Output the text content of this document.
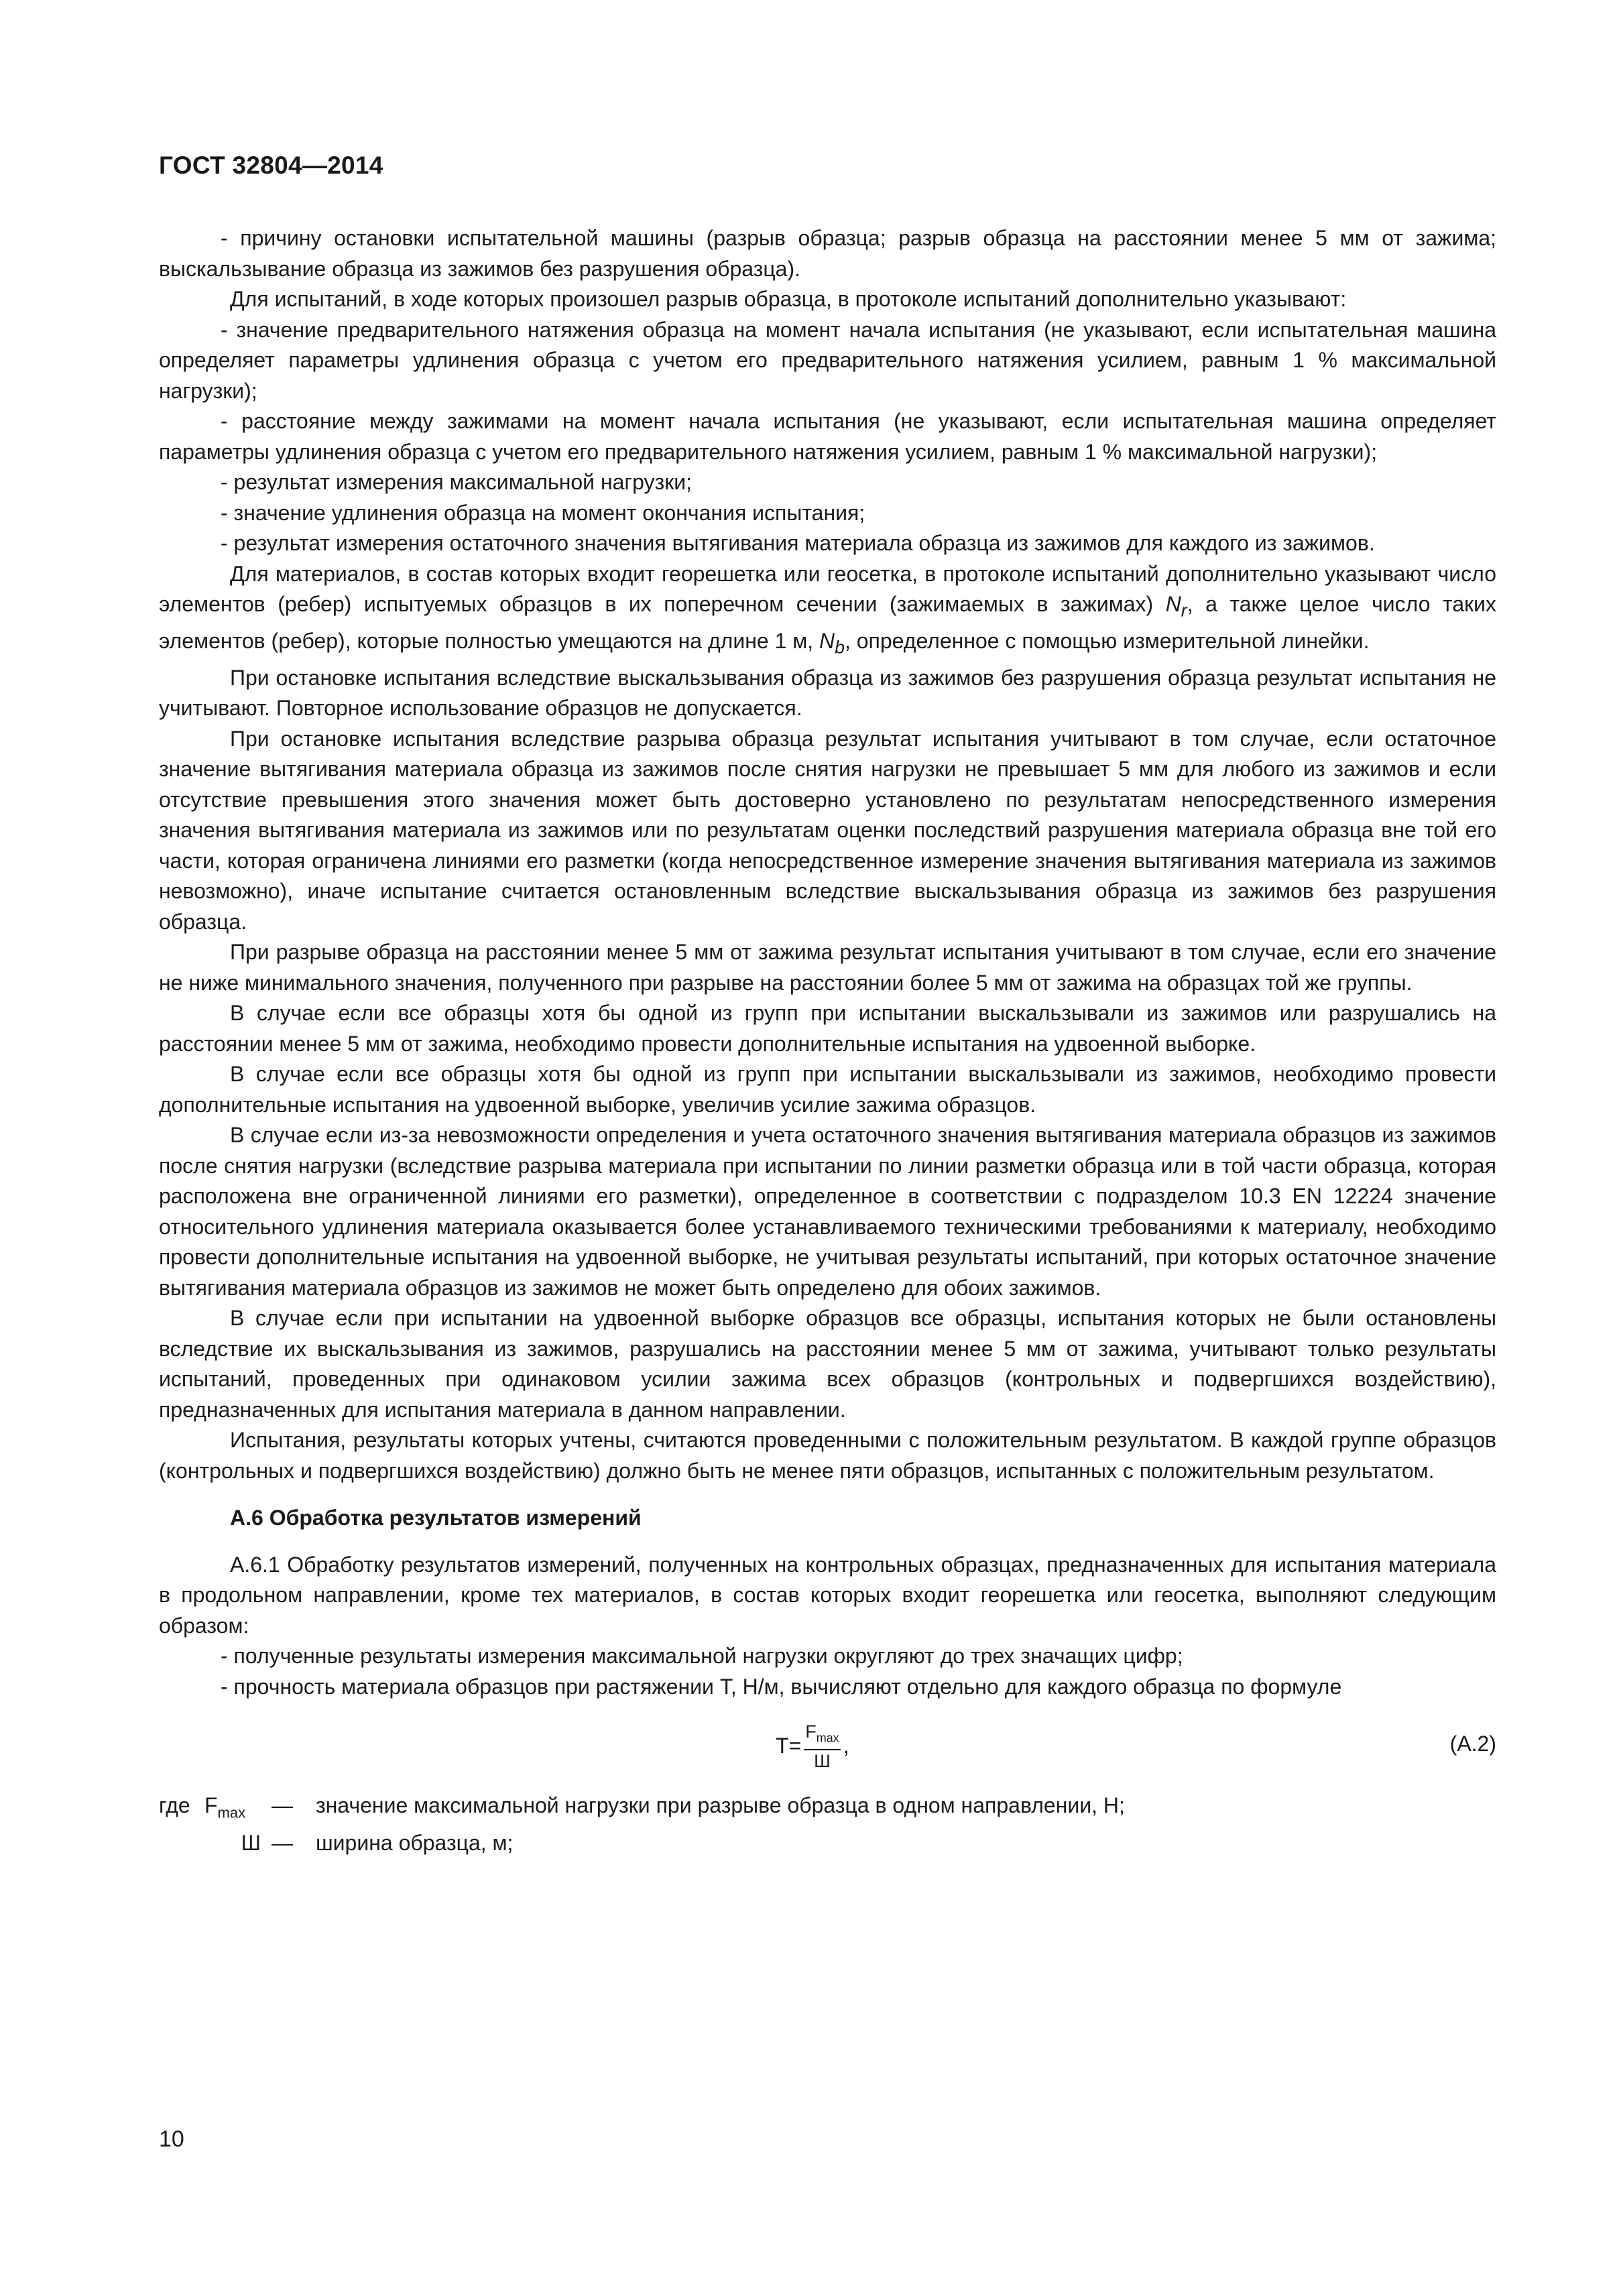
ГОСТ 32804—2014

- причину остановки испытательной машины (разрыв образца; разрыв образца на расстоянии менее 5 мм от зажима; выскальзывание образца из зажимов без разрушения образца).

Для испытаний, в ходе которых произошел разрыв образца, в протоколе испытаний дополнительно указывают:

- значение предварительного натяжения образца на момент начала испытания (не указывают, если испытательная машина определяет параметры удлинения образца с учетом его предварительного натяжения усилием, равным 1 % максимальной нагрузки);

- расстояние между зажимами на момент начала испытания (не указывают, если испытательная машина определяет параметры удлинения образца с учетом его предварительного натяжения усилием, равным 1 % максимальной нагрузки);

- результат измерения максимальной нагрузки;

- значение удлинения образца на момент окончания испытания;

- результат измерения остаточного значения вытягивания материала образца из зажимов для каждого из зажимов.

Для материалов, в состав которых входит георешетка или геосетка, в протоколе испытаний дополнительно указывают число элементов (ребер) испытуемых образцов в их поперечном сечении (зажимаемых в зажимах) $N_r$, а также целое число таких элементов (ребер), которые полностью умещаются на длине 1 м, $N_b$, определенное с помощью измерительной линейки.

При остановке испытания вследствие выскальзывания образца из зажимов без разрушения образца результат испытания не учитывают. Повторное использование образцов не допускается.

При остановке испытания вследствие разрыва образца результат испытания учитывают в том случае, если остаточное значение вытягивания материала образца из зажимов после снятия нагрузки не превышает 5 мм для любого из зажимов и если отсутствие превышения этого значения может быть достоверно установлено по результатам непосредственного измерения значения вытягивания материала из зажимов или по результатам оценки последствий разрушения материала образца вне той его части, которая ограничена линиями его разметки (когда непосредственное измерение значения вытягивания материала из зажимов невозможно), иначе испытание считается остановленным вследствие выскальзывания образца из зажимов без разрушения образца.

При разрыве образца на расстоянии менее 5 мм от зажима результат испытания учитывают в том случае, если его значение не ниже минимального значения, полученного при разрыве на расстоянии более 5 мм от зажима на образцах той же группы.

В случае если все образцы хотя бы одной из групп при испытании выскальзывали из зажимов или разрушались на расстоянии менее 5 мм от зажима, необходимо провести дополнительные испытания на удвоенной выборке.

В случае если все образцы хотя бы одной из групп при испытании выскальзывали из зажимов, необходимо провести дополнительные испытания на удвоенной выборке, увеличив усилие зажима образцов.

В случае если из-за невозможности определения и учета остаточного значения вытягивания материала образцов из зажимов после снятия нагрузки (вследствие разрыва материала при испытании по линии разметки образца или в той части образца, которая расположена вне ограниченной линиями его разметки), определенное в соответствии с подразделом 10.3 EN 12224 значение относительного удлинения материала оказывается более устанавливаемого техническими требованиями к материалу, необходимо провести дополнительные испытания на удвоенной выборке, не учитывая результаты испытаний, при которых остаточное значение вытягивания материала образцов из зажимов не может быть определено для обоих зажимов.

В случае если при испытании на удвоенной выборке образцов все образцы, испытания которых не были остановлены вследствие их выскальзывания из зажимов, разрушались на расстоянии менее 5 мм от зажима, учитывают только результаты испытаний, проведенных при одинаковом усилии зажима всех образцов (контрольных и подвергшихся воздействию), предназначенных для испытания материала в данном направлении.

Испытания, результаты которых учтены, считаются проведенными с положительным результатом. В каждой группе образцов (контрольных и подвергшихся воздействию) должно быть не менее пяти образцов, испытанных с положительным результатом.

А.6 Обработка результатов измерений

А.6.1 Обработку результатов измерений, полученных на контрольных образцах, предназначенных для испытания материала в продольном направлении, кроме тех материалов, в состав которых входит георешетка или геосетка, выполняют следующим образом:

- полученные результаты измерения максимальной нагрузки округляют до трех значащих цифр;

- прочность материала образцов при растяжении Т, Н/м, вычисляют отдельно для каждого образца по формуле

$T = \frac{F_{max}}{Ш}$ ,	(А.2)

где $F_{max}$	—	значение максимальной нагрузки при разрыве образца в одном направлении, Н;

Ш —	ширина образца, м;

10
